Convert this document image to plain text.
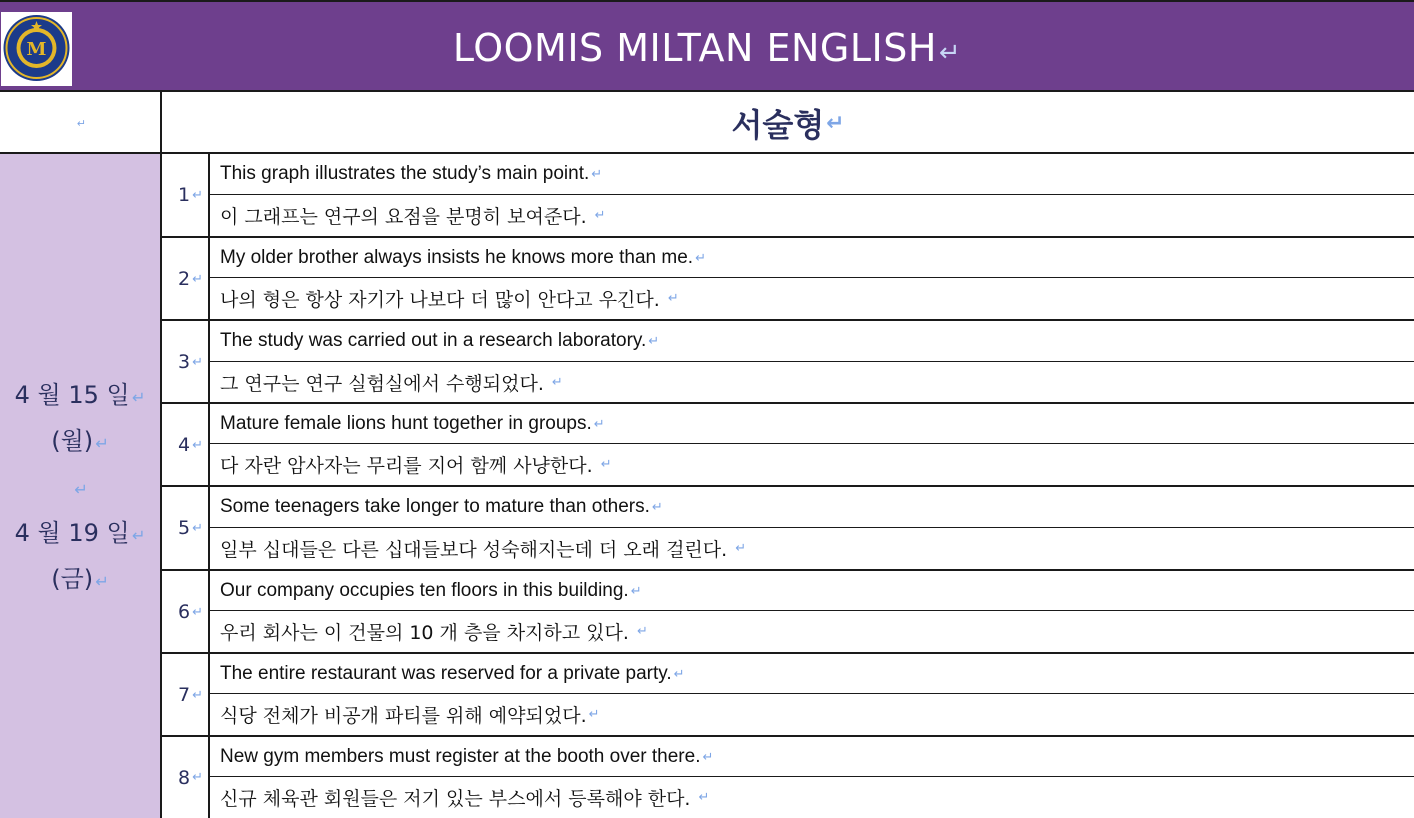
M	LOOMIS MILTAN ENGLISH↵
↵	서술형 ↵
4 월 15 일 ↵
(월) ↵
↵
4 월 19 일 ↵
(금) ↵
1 ↵
This graph illustrates the study’s main point. ↵
이 그래프는 연구의 요점을 분명히 보여준다.
↵
2 ↵
My older brother always insists he knows more than me. ↵
나의 형은 항상 자기가 나보다 더 많이 안다고 우긴다.
↵
3 ↵
The study was carried out in a research laboratory. ↵
그 연구는 연구 실험실에서 수행되었다.
↵
4 ↵
Mature female lions hunt together in groups. ↵
다 자란 암사자는 무리를 지어 함께 사냥한다.
↵
5 ↵
Some teenagers take longer to mature than others. ↵
일부 십대들은 다른 십대들보다 성숙해지는데 더 오래 걸린다.
↵
6 ↵
Our company occupies ten floors in this building. ↵
우리 회사는 이 건물의 10 개 층을 차지하고 있다.
↵
7 ↵
The entire restaurant was reserved for a private party. ↵
식당 전체가 비공개 파티를 위해 예약되었다. ↵
8 ↵
New gym members must register at the booth over there. ↵
신규 체육관 회원들은 저기 있는 부스에서 등록해야 한다.
↵
